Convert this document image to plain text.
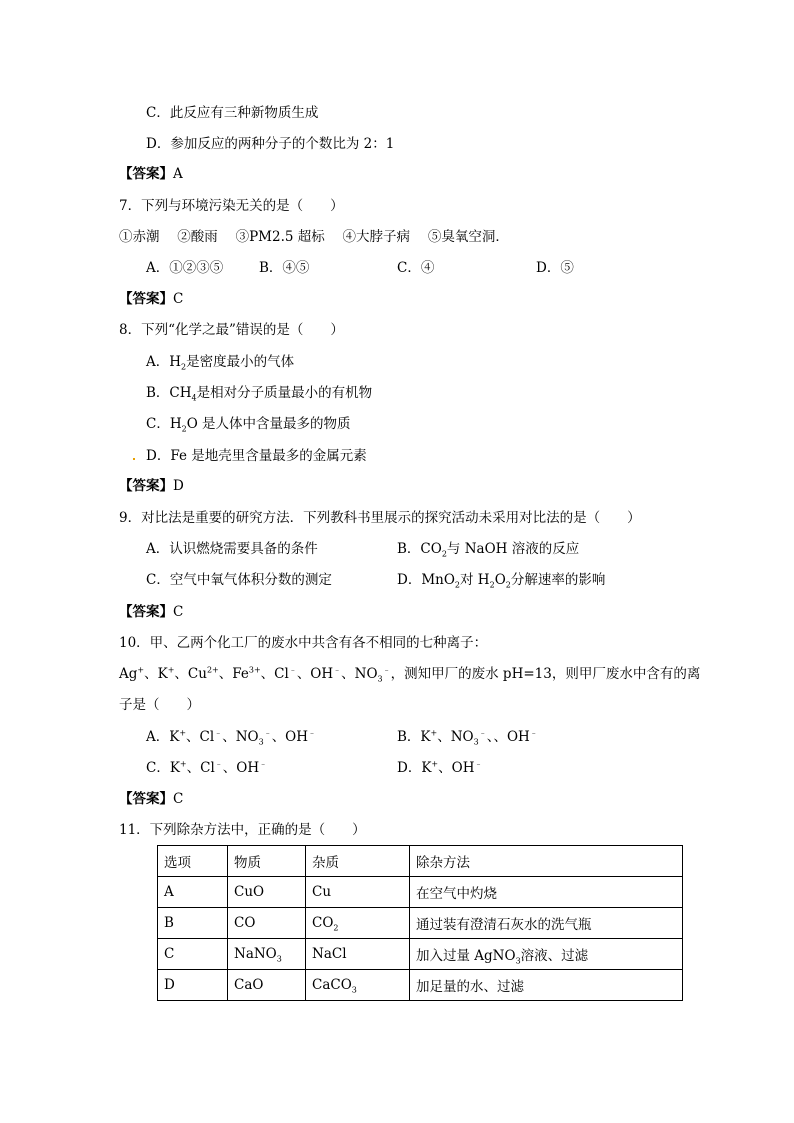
C．此反应有三种新物质生成
D．参加反应的两种分子的个数比为 2：1
【答案】A
7．下列与环境污染无关的是（　　）
①赤潮　 ②酸雨　 ③PM2.5 超标　 ④大脖子病　 ⑤臭氧空洞．
A．①②③⑤	B．④⑤	C．④	D．⑤
【答案】C
8．下列“化学之最”错误的是（　　）
A．$H_2$是密度最小的气体
B．$CH_4$是相对分子质量最小的有机物
C．$H_2O$ 是人体中含量最多的物质
D．Fe 是地壳里含量最多的金属元素
【答案】D
9．对比法是重要的研究方法．下列教科书里展示的探究活动未采用对比法的是（　　）
A．认识燃烧需要具备的条件	B．$CO_2$与 NaOH 溶液的反应
C．空气中氧气体积分数的测定	D．MnO$_2$对 $H_2O_2$分解速率的影响
【答案】C
10．甲、乙两个化工厂的废水中共含有各不相同的七种离子：
Ag+、K+、$Cu^{2+}$、$Fe^{3+}$、Cl﹣、OH﹣、$NO_3^﹣$，测知甲厂的废水 pH=13，则甲厂废水中含有的离
子是（　　）
A．K+、Cl﹣、$NO_3^﹣$、OH﹣	B．K+、$NO_3^﹣$、、OH﹣
C．K+、Cl﹣、OH﹣	D．K+、OH﹣
【答案】C
11．下列除杂方法中，正确的是（　　）
选项	物质	杂质	除杂方法
A	CuO	Cu	在空气中灼烧
B	CO	$CO_2$	通过装有澄清石灰水的洗气瓶
C	NaNO$_3$	NaCl	加入过量 AgNO$_3$溶液、过滤
D	CaO	CaCO$_3$	加足量的水、过滤
